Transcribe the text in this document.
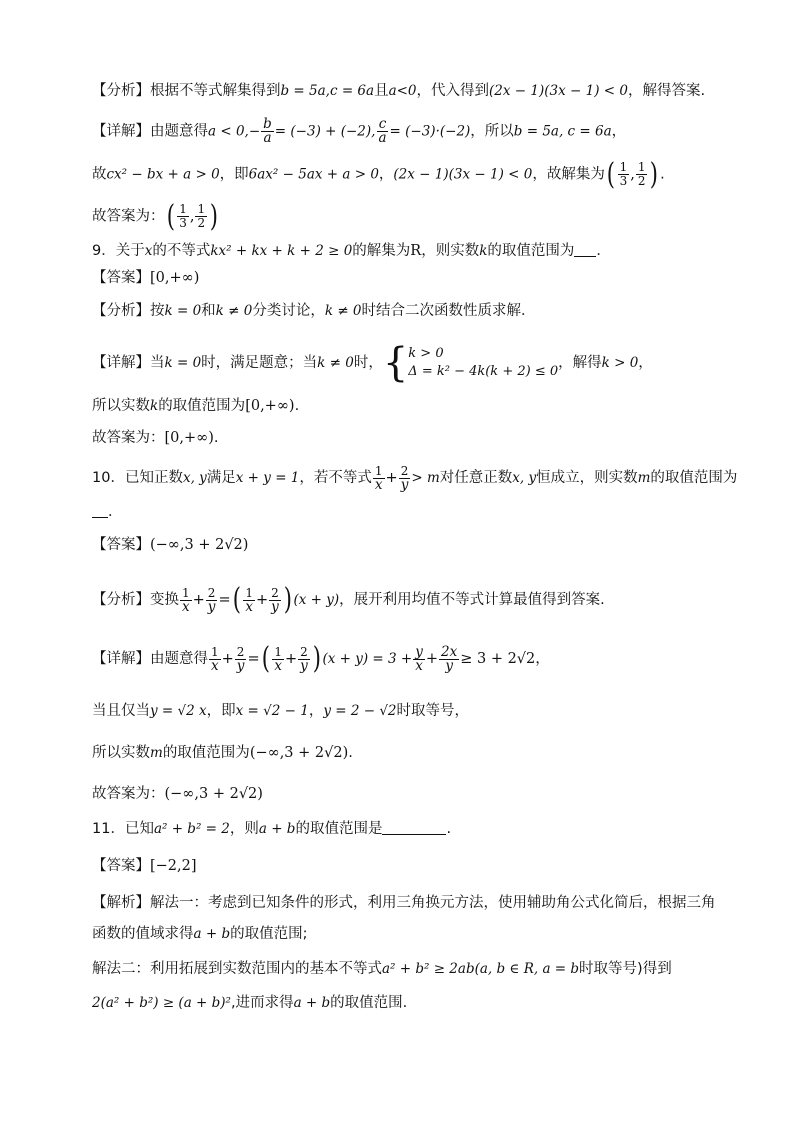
【分析】根据不等式解集得到b = 5a,c = 6a且a<0，代入得到(2x − 1)(3x − 1) < 0，解得答案.
【详解】由题意得$a < 0,- \frac{b}{a} = (-3) + (-2)$, $\frac{c}{a} = (-3)\cdot(-2)$，所以b = 5a, c = 6a，
故cx² − bx + a > 0，即6ax² − 5ax + a > 0，(2x − 1)(3x − 1) < 0，故解集为( $\frac{1}{3}$ , $\frac{1}{2}$ ) .
故答案为：( $\frac{1}{3}$ , $\frac{1}{2}$ )
9．关于x的不等式kx² + kx + k + 2 ≥ 0的解集为R，则实数k的取值范围为 ．
【答案】[0,+∞)
【分析】按k = 0和k ≠ 0分类讨论，k ≠ 0时结合二次函数性质求解．
【详解】当k = 0时，满足题意；当k ≠ 0时， { k > 0
Δ = k² − 4k(k + 2) ≤ 0
，解得k > 0，
所以实数k的取值范围为[0,+∞).
故答案为：[0,+∞).
10．已知正数x, y满足x + y = 1，若不等式 $\frac{1}{x} + \frac{2}{y} > m$对任意正数x, y恒成立，则实数m的取值范围为
．
【答案】(−∞,3 + 2√2)
【分析】变换 $\frac{1}{x} + \frac{2}{y}$ =( $\frac{1}{x} + \frac{2}{y}$ ) (x + y)，展开利用均值不等式计算最值得到答案.
【详解】由题意得 $\frac{1}{x} + \frac{2}{y}$ =( $\frac{1}{x} + \frac{2}{y}$ ) $(x + y) = 3 + \frac{y}{x} + \frac{2x}{y} \ge 3 + 2√2$，
当且仅当y = √2 x，即x = √2 − 1，y = 2 − √2时取等号，
所以实数m的取值范围为(−∞,3 + 2√2).
故答案为：(−∞,3 + 2√2)
11．已知a² + b² = 2，则a + b的取值范围是	.
【答案】[−2,2]
【解析】解法一：考虑到已知条件的形式，利用三角换元方法，使用辅助角公式化简后，根据三角
函数的值域求得a + b的取值范围;
解法二：利用拓展到实数范围内的基本不等式a² + b² ≥ 2ab(a, b ∈ R, a = b时取等号)得到
2(a² + b²) ≥ (a + b)²,进而求得a + b的取值范围.
